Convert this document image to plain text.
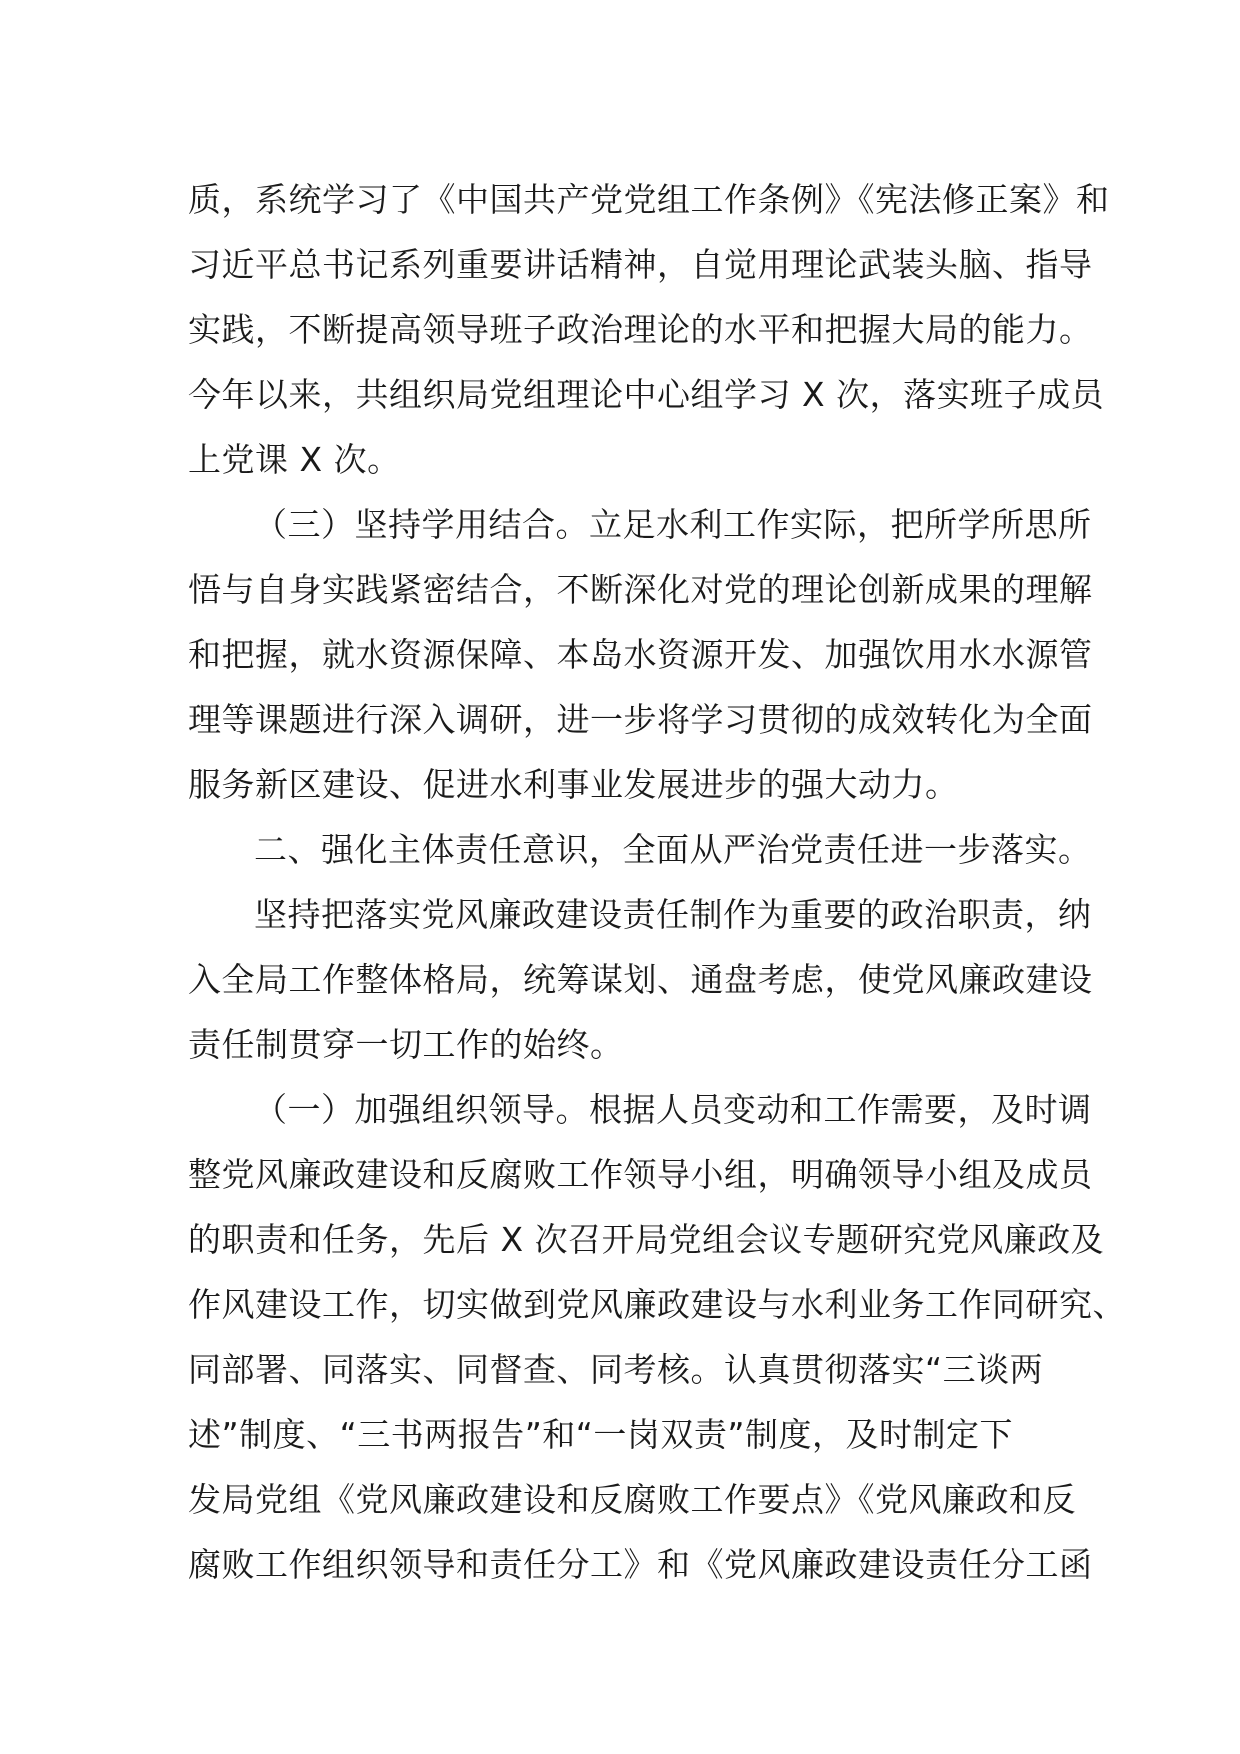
质，系统学习了《中国共产党党组工作条例》《宪法修正案》和
习近平总书记系列重要讲话精神，自觉用理论武装头脑、指导
实践，不断提高领导班子政治理论的水平和把握大局的能力。
今年以来，共组织局党组理论中心组学习 X 次，落实班子成员
上党课 X 次。
（三）坚持学用结合。立足水利工作实际，把所学所思所
悟与自身实践紧密结合，不断深化对党的理论创新成果的理解
和把握，就水资源保障、本岛水资源开发、加强饮用水水源管
理等课题进行深入调研，进一步将学习贯彻的成效转化为全面
服务新区建设、促进水利事业发展进步的强大动力。
二、强化主体责任意识，全面从严治党责任进一步落实。
坚持把落实党风廉政建设责任制作为重要的政治职责，纳
入全局工作整体格局，统筹谋划、通盘考虑，使党风廉政建设
责任制贯穿一切工作的始终。
（一）加强组织领导。根据人员变动和工作需要，及时调
整党风廉政建设和反腐败工作领导小组，明确领导小组及成员
的职责和任务，先后 X 次召开局党组会议专题研究党风廉政及
作风建设工作，切实做到党风廉政建设与水利业务工作同研究、
同部署、同落实、同督查、同考核。认真贯彻落实“三谈两
述”制度、“三书两报告”和“一岗双责”制度，及时制定下
发局党组《党风廉政建设和反腐败工作要点》《党风廉政和反
腐败工作组织领导和责任分工》和《党风廉政建设责任分工函
